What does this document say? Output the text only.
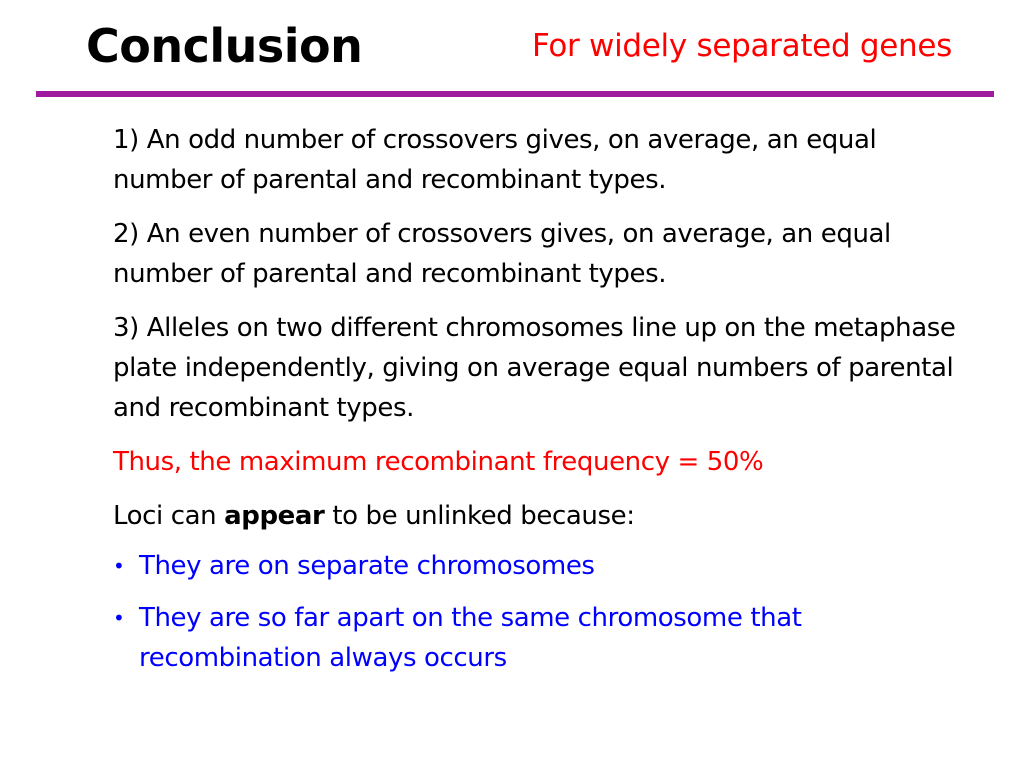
Conclusion	For widely separated genes

1) An odd number of crossovers gives, on average, an equal number of parental and recombinant types.

2) An even number of crossovers gives, on average, an equal number of parental and recombinant types.

3) Alleles on two different chromosomes line up on the metaphase plate independently, giving on average equal numbers of parental and recombinant types.

Thus, the maximum recombinant frequency = 50%

Loci can appear to be unlinked because:

• They are on separate chromosomes
• They are so far apart on the same chromosome that recombination always occurs
